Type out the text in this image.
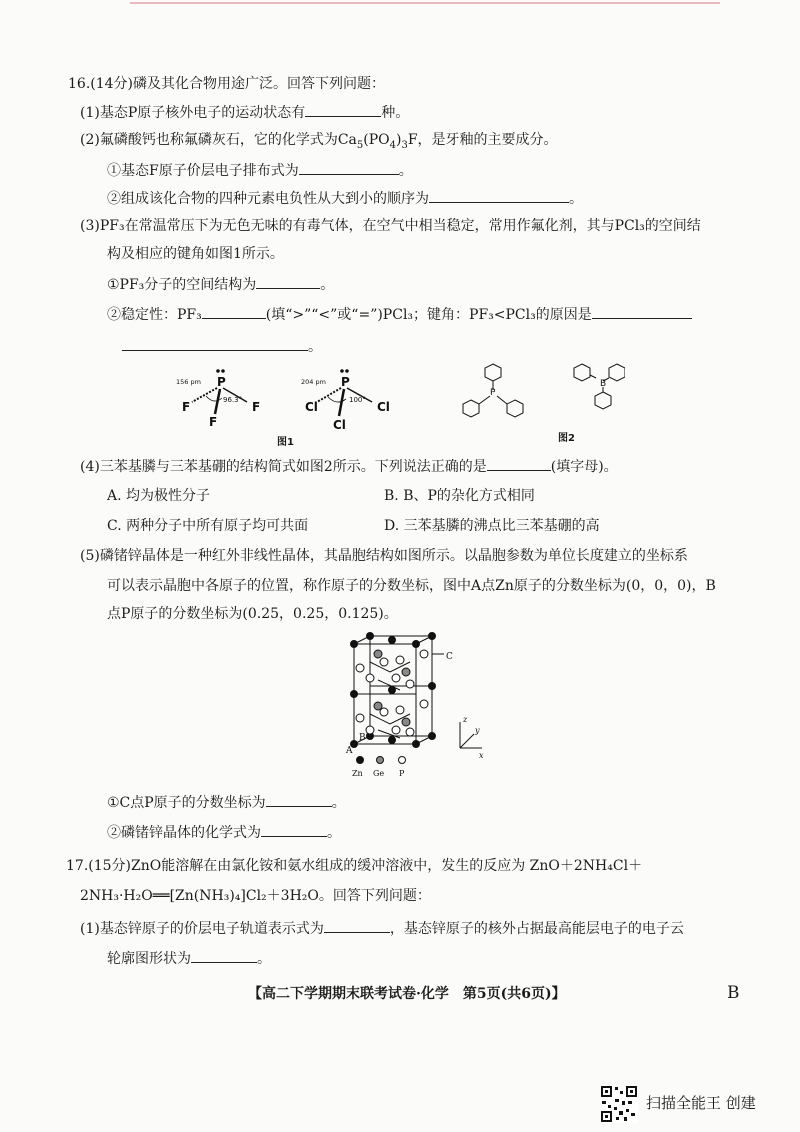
16.(14分)磷及其化合物用途广泛。回答下列问题：
(1)基态P原子核外电子的运动状态有	种。
(2)氟磷酸钙也称氟磷灰石，它的化学式为$Ca_5(PO_4)_3F$，是牙釉的主要成分。
①基态F原子价层电子排布式为	。
②组成该化合物的四种元素电负性从大到小的顺序为	。
(3)PF₃在常温常压下为无色无味的有毒气体，在空气中相当稳定，常用作氟化剂，其与PCl₃的空间结
构及相应的键角如图1所示。
①PF₃分子的空间结构为	。
②稳定性：PF₃	(填“>”“<”或“=”)PCl₃；键角：PF₃<PCl₃的原因是
。
156 pm P
F	F
F
96.3°
204 pm P
Cl	Cl
Cl
100°
图1
P
B
图2
(4)三苯基膦与三苯基硼的结构简式如图2所示。下列说法正确的是	(填字母)。
A. 均为极性分子	B. B、P的杂化方式相同
C. 两种分子中所有原子均可共面	D. 三苯基膦的沸点比三苯基硼的高
(5)磷锗锌晶体是一种红外非线性晶体，其晶胞结构如图所示。以晶胞参数为单位长度建立的坐标系
可以表示晶胞中各原子的位置，称作原子的分数坐标，图中A点Zn原子的分数坐标为(0，0，0)，B
点P原子的分数坐标为(0.25，0.25，0.125)。
C
A
B
z
y
x
Zn Ge P
①C点P原子的分数坐标为	。
②磷锗锌晶体的化学式为	。
17.(15分)ZnO能溶解在由氯化铵和氨水组成的缓冲溶液中，发生的反应为 ZnO＋2NH₄Cl＋
2NH₃·H₂O══[Zn(NH₃)₄]Cl₂＋3H₂O。回答下列问题：
(1)基态锌原子的价层电子轨道表示式为	，基态锌原子的核外占据最高能层电子的电子云
轮廓图形状为	。
【高二下学期期末联考试卷·化学　第5页(共6页)】	B
扫描全能王 创建
